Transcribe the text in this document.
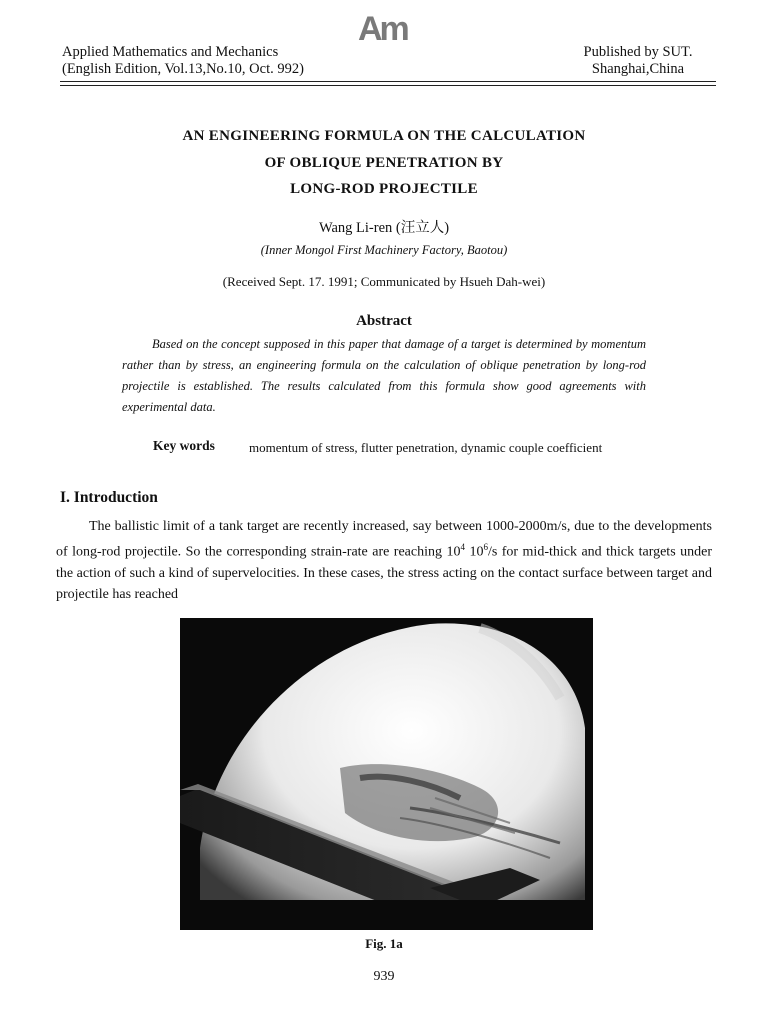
Am
Applied Mathematics and Mechanics
(English Edition, Vol.13,No.10, Oct. 992)
Published by SUT.
Shanghai,China
AN ENGINEERING FORMULA ON THE CALCULATION
OF OBLIQUE PENETRATION BY
LONG-ROD PROJECTILE
Wang Li-ren (汪立人)
(Inner Mongol First Machinery Factory, Baotou)
(Received Sept. 17. 1991; Communicated by Hsueh Dah-wei)
Abstract
Based on the concept supposed in this paper that damage of a target is determined by momentum rather than by stress, an engineering formula on the calculation of oblique penetration by long-rod projectile is established. The results calculated from this formula show good agreements with experimental data.
Key words	momentum of stress, flutter penetration, dynamic couple coefficient
I. Introduction
The ballistic limit of a tank target are recently increased, say between 1000-2000m/s, due to the developments of long-rod projectile. So the corresponding strain-rate are reaching $10^4$ $10^6/s$ for mid-thick and thick targets under the action of such a kind of supervelocities. In these cases, the stress acting on the contact surface between target and projectile has reached
Fig. 1a
939
